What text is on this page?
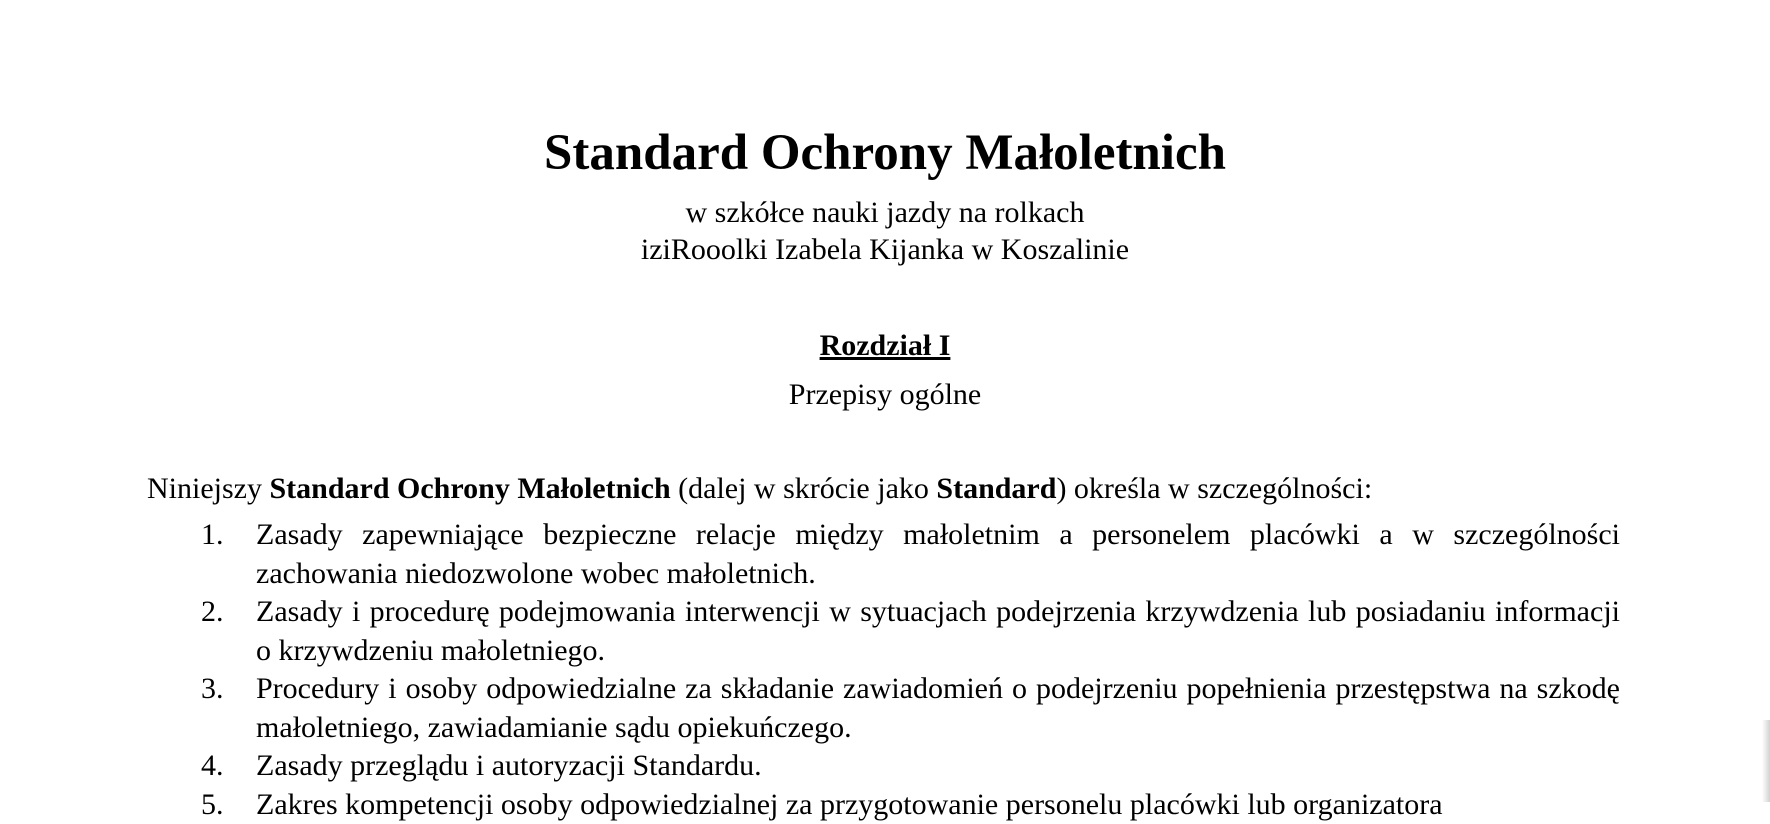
Standard Ochrony Małoletnich
w szkółce nauki jazdy na rolkach
iziRooolki Izabela Kijanka w Koszalinie
Rozdział I
Przepisy ogólne
Niniejszy Standard Ochrony Małoletnich (dalej w skrócie jako Standard) określa w szczególności:
1. Zasady zapewniające bezpieczne relacje między małoletnim a personelem placówki a w szczególności zachowania niedozwolone wobec małoletnich.
2. Zasady i procedurę podejmowania interwencji w sytuacjach podejrzenia krzywdzenia lub posiadaniu informacji o krzywdzeniu małoletniego.
3. Procedury i osoby odpowiedzialne za składanie zawiadomień o podejrzeniu popełnienia przestępstwa na szkodę małoletniego, zawiadamianie sądu opiekuńczego.
4. Zasady przeglądu i autoryzacji Standardu.
5. Zakres kompetencji osoby odpowiedzialnej za przygotowanie personelu placówki lub organizatora
